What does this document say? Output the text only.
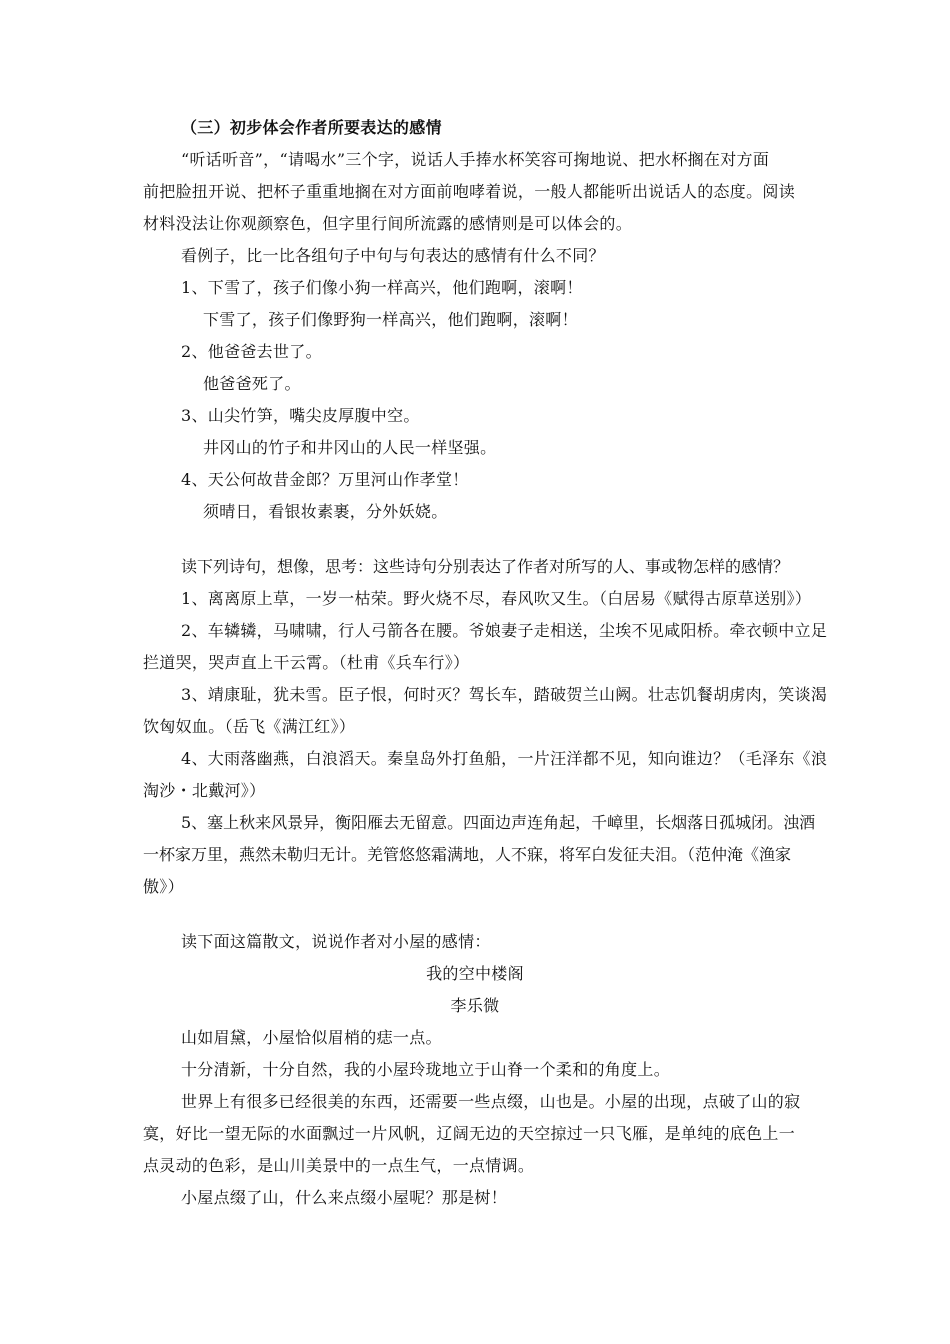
（三）初步体会作者所要表达的感情
“听话听音”，“请喝水”三个字，说话人手捧水杯笑容可掬地说、把水杯搁在对方面
前把脸扭开说、把杯子重重地搁在对方面前咆哮着说，一般人都能听出说话人的态度。阅读
材料没法让你观颜察色，但字里行间所流露的感情则是可以体会的。
看例子，比一比各组句子中句与句表达的感情有什么不同？
1、下雪了，孩子们像小狗一样高兴，他们跑啊，滚啊！
下雪了，孩子们像野狗一样高兴，他们跑啊，滚啊！
2、他爸爸去世了。
他爸爸死了。
3、山尖竹笋，嘴尖皮厚腹中空。
井冈山的竹子和井冈山的人民一样坚强。
4、天公何故昔金郎？万里河山作孝堂！
须晴日，看银妆素裹，分外妖娆。
读下列诗句，想像，思考：这些诗句分别表达了作者对所写的人、事或物怎样的感情？
1、离离原上草，一岁一枯荣。野火烧不尽，春风吹又生。（白居易《赋得古原草送别》）
2、车辚辚，马啸啸，行人弓箭各在腰。爷娘妻子走相送，尘埃不见咸阳桥。牵衣顿中立足
拦道哭，哭声直上干云霄。（杜甫《兵车行》）
3、靖康耻，犹未雪。臣子恨，何时灭？驾长车，踏破贺兰山阙。壮志饥餐胡虏肉，笑谈渴
饮匈奴血。（岳飞《满江红》）
4、大雨落幽燕，白浪滔天。秦皇岛外打鱼船，一片汪洋都不见，知向谁边？（毛泽东《浪
淘沙・北戴河》）
5、塞上秋来风景异，衡阳雁去无留意。四面边声连角起，千嶂里，长烟落日孤城闭。浊酒
一杯家万里，燕然未勒归无计。羌管悠悠霜满地，人不寐，将军白发征夫泪。（范仲淹《渔家
傲》）
读下面这篇散文，说说作者对小屋的感情：
我的空中楼阁
李乐微
山如眉黛，小屋恰似眉梢的痣一点。
十分清新，十分自然，我的小屋玲珑地立于山脊一个柔和的角度上。
世界上有很多已经很美的东西，还需要一些点缀，山也是。小屋的出现，点破了山的寂
寞，好比一望无际的水面飘过一片风帆，辽阔无边的天空掠过一只飞雁，是单纯的底色上一
点灵动的色彩，是山川美景中的一点生气，一点情调。
小屋点缀了山，什么来点缀小屋呢？那是树！
